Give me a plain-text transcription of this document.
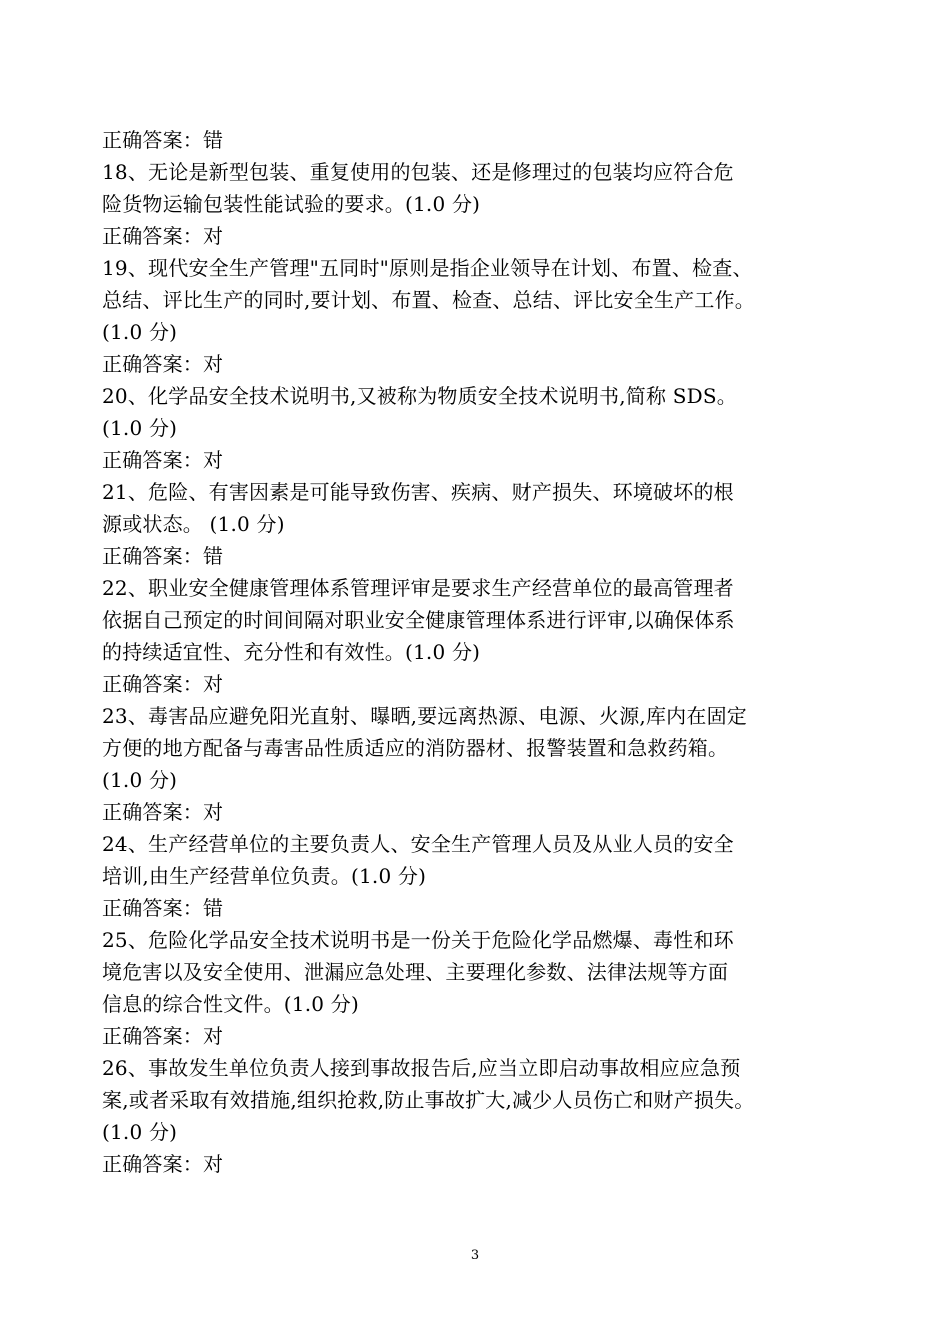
正确答案：错
18、无论是新型包装、重复使用的包装、还是修理过的包装均应符合危
险货物运输包装性能试验的要求。(1.0 分)
正确答案：对
19、现代安全生产管理"五同时"原则是指企业领导在计划、布置、检查、
总结、评比生产的同时,要计划、布置、检查、总结、评比安全生产工作。
(1.0 分)
正确答案：对
20、化学品安全技术说明书,又被称为物质安全技术说明书,简称 SDS。
(1.0 分)
正确答案：对
21、危险、有害因素是可能导致伤害、疾病、财产损失、环境破坏的根
源或状态。 (1.0 分)
正确答案：错
22、职业安全健康管理体系管理评审是要求生产经营单位的最高管理者
依据自己预定的时间间隔对职业安全健康管理体系进行评审,以确保体系
的持续适宜性、充分性和有效性。(1.0 分)
正确答案：对
23、毒害品应避免阳光直射、曝晒,要远离热源、电源、火源,库内在固定
方便的地方配备与毒害品性质适应的消防器材、报警装置和急救药箱。
(1.0 分)
正确答案：对
24、生产经营单位的主要负责人、安全生产管理人员及从业人员的安全
培训,由生产经营单位负责。(1.0 分)
正确答案：错
25、危险化学品安全技术说明书是一份关于危险化学品燃爆、毒性和环
境危害以及安全使用、泄漏应急处理、主要理化参数、法律法规等方面
信息的综合性文件。(1.0 分)
正确答案：对
26、事故发生单位负责人接到事故报告后,应当立即启动事故相应应急预
案,或者采取有效措施,组织抢救,防止事故扩大,减少人员伤亡和财产损失。
(1.0 分)
正确答案：对
3
